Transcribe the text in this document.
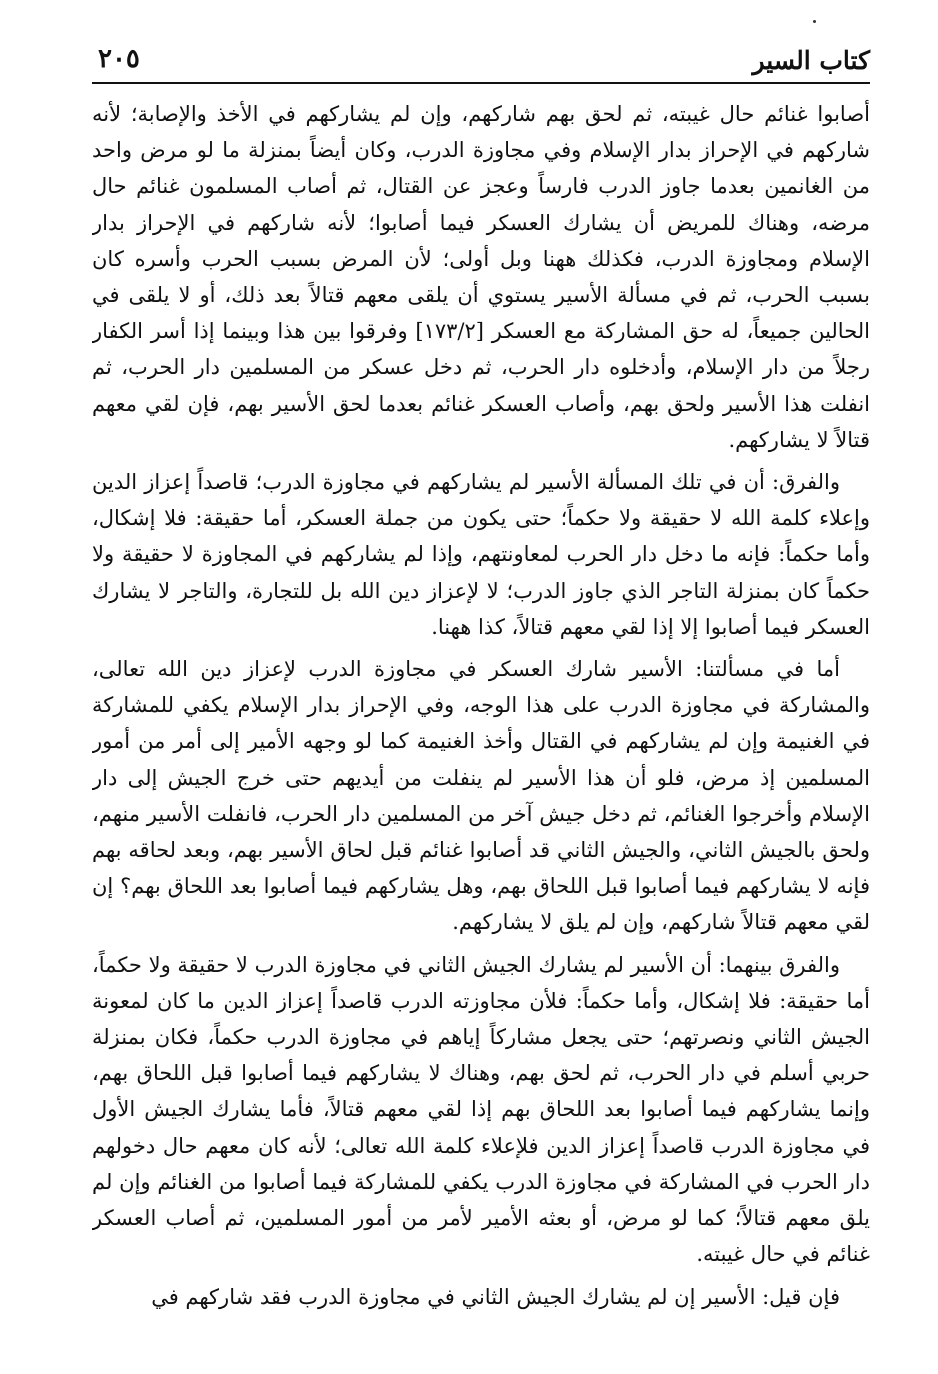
كتاب السير
٢٠٥

أصابوا غنائم حال غيبته، ثم لحق بهم شاركهم، وإن لم يشاركهم في الأخذ والإصابة؛ لأنه شاركهم في الإحراز بدار الإسلام وفي مجاوزة الدرب، وكان أيضاً بمنزلة ما لو مرض واحد من الغانمين بعدما جاوز الدرب فارساً وعجز عن القتال، ثم أصاب المسلمون غنائم حال مرضه، وهناك للمريض أن يشارك العسكر فيما أصابوا؛ لأنه شاركهم في الإحراز بدار الإسلام ومجاوزة الدرب، فكذلك ههنا وبل أولى؛ لأن المرض بسبب الحرب وأسره كان بسبب الحرب، ثم في مسألة الأسير يستوي أن يلقى معهم قتالاً بعد ذلك، أو لا يلقى في الحالين جميعاً، له حق المشاركة مع العسكر [١٧٣/٢] وفرقوا بين هذا وبينما إذا أسر الكفار رجلاً من دار الإسلام، وأدخلوه دار الحرب، ثم دخل عسكر من المسلمين دار الحرب، ثم انفلت هذا الأسير ولحق بهم، وأصاب العسكر غنائم بعدما لحق الأسير بهم، فإن لقي معهم قتالاً لا يشاركهم.

والفرق: أن في تلك المسألة الأسير لم يشاركهم في مجاوزة الدرب؛ قاصداً إعزاز الدين وإعلاء كلمة الله لا حقيقة ولا حكماً؛ حتى يكون من جملة العسكر، أما حقيقة: فلا إشكال، وأما حكماً: فإنه ما دخل دار الحرب لمعاونتهم، وإذا لم يشاركهم في المجاوزة لا حقيقة ولا حكماً كان بمنزلة التاجر الذي جاوز الدرب؛ لا لإعزاز دين الله بل للتجارة، والتاجر لا يشارك العسكر فيما أصابوا إلا إذا لقي معهم قتالاً، كذا ههنا.

أما في مسألتنا: الأسير شارك العسكر في مجاوزة الدرب لإعزاز دين الله تعالى، والمشاركة في مجاوزة الدرب على هذا الوجه، وفي الإحراز بدار الإسلام يكفي للمشاركة في الغنيمة وإن لم يشاركهم في القتال وأخذ الغنيمة كما لو وجهه الأمير إلى أمر من أمور المسلمين إذ مرض، فلو أن هذا الأسير لم ينفلت من أيديهم حتى خرج الجيش إلى دار الإسلام وأخرجوا الغنائم، ثم دخل جيش آخر من المسلمين دار الحرب، فانفلت الأسير منهم، ولحق بالجيش الثاني، والجيش الثاني قد أصابوا غنائم قبل لحاق الأسير بهم، وبعد لحاقه بهم فإنه لا يشاركهم فيما أصابوا قبل اللحاق بهم، وهل يشاركهم فيما أصابوا بعد اللحاق بهم؟ إن لقي معهم قتالاً شاركهم، وإن لم يلق لا يشاركهم.

والفرق بينهما: أن الأسير لم يشارك الجيش الثاني في مجاوزة الدرب لا حقيقة ولا حكماً، أما حقيقة: فلا إشكال، وأما حكماً: فلأن مجاوزته الدرب قاصداً إعزاز الدين ما كان لمعونة الجيش الثاني ونصرتهم؛ حتى يجعل مشاركاً إياهم في مجاوزة الدرب حكماً، فكان بمنزلة حربي أسلم في دار الحرب، ثم لحق بهم، وهناك لا يشاركهم فيما أصابوا قبل اللحاق بهم، وإنما يشاركهم فيما أصابوا بعد اللحاق بهم إذا لقي معهم قتالاً، فأما يشارك الجيش الأول في مجاوزة الدرب قاصداً إعزاز الدين فلإعلاء كلمة الله تعالى؛ لأنه كان معهم حال دخولهم دار الحرب في المشاركة في مجاوزة الدرب يكفي للمشاركة فيما أصابوا من الغنائم وإن لم يلق معهم قتالاً؛ كما لو مرض، أو بعثه الأمير لأمر من أمور المسلمين، ثم أصاب العسكر غنائم في حال غيبته.

فإن قيل: الأسير إن لم يشارك الجيش الثاني في مجاوزة الدرب فقد شاركهم في
